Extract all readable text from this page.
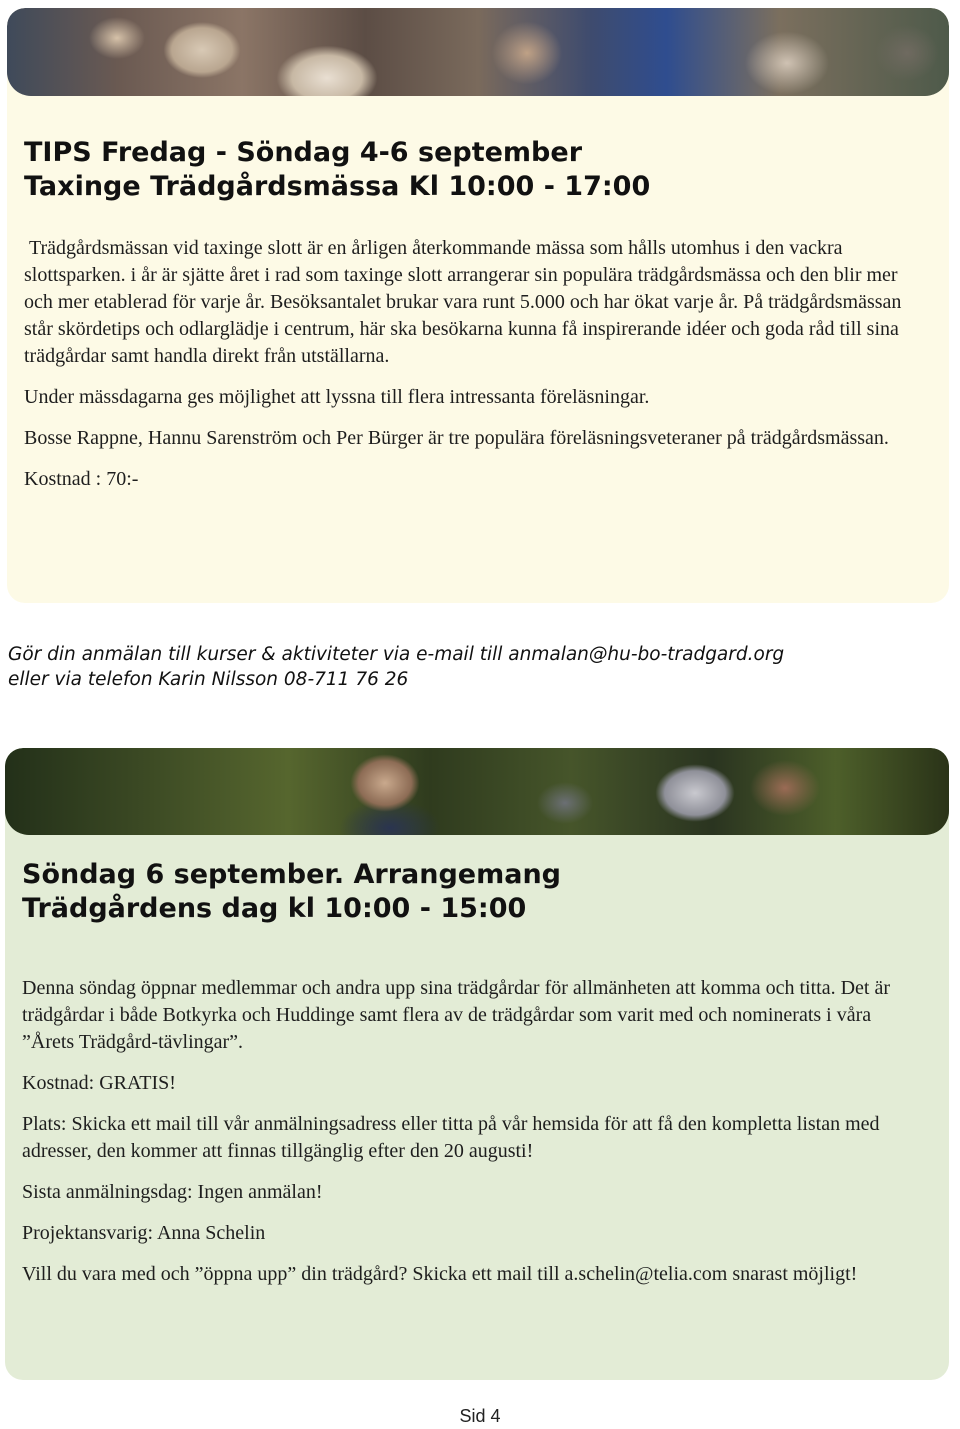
TIPS Fredag - Söndag 4-6 september
Taxinge Trädgårdsmässa Kl 10:00 - 17:00

Trädgårdsmässan vid taxinge slott är en årligen återkommande mässa som hålls utomhus i den vackra slottsparken. i år är sjätte året i rad som taxinge slott arrangerar sin populära trädgårdsmässa och den blir mer och mer etablerad för varje år. Besöksantalet brukar vara runt 5.000 och har ökat varje år. På trädgårdsmässan står skördetips och odlarglädje i centrum, här ska besökarna kunna få inspirerande idéer och goda råd till sina trädgårdar samt handla direkt från utställarna.

Under mässdagarna ges möjlighet att lyssna till flera intressanta föreläsningar.

Bosse Rappne, Hannu Sarenström och Per Bürger är tre populära föreläsningsveteraner på trädgårdsmässan.

Kostnad : 70:-

Gör din anmälan till kurser & aktiviteter via e-mail till anmalan@hu-bo-tradgard.org
eller via telefon Karin Nilsson 08-711 76 26
Söndag 6 september. Arrangemang
Trädgårdens dag kl 10:00 - 15:00

Denna söndag öppnar medlemmar och andra upp sina trädgårdar för allmänheten att komma och titta. Det är trädgårdar i både Botkyrka och Huddinge samt flera av de trädgårdar som varit med och nominerats i våra ”Årets Trädgård-tävlingar”.

Kostnad: GRATIS!

Plats: Skicka ett mail till vår anmälningsadress eller titta på vår hemsida för att få den kompletta listan med adresser, den kommer att finnas tillgänglig efter den 20 augusti!

Sista anmälningsdag: Ingen anmälan!

Projektansvarig: Anna Schelin

Vill du vara med och ”öppna upp” din trädgård? Skicka ett mail till a.schelin@telia.com snarast möjligt!

Sid 4
